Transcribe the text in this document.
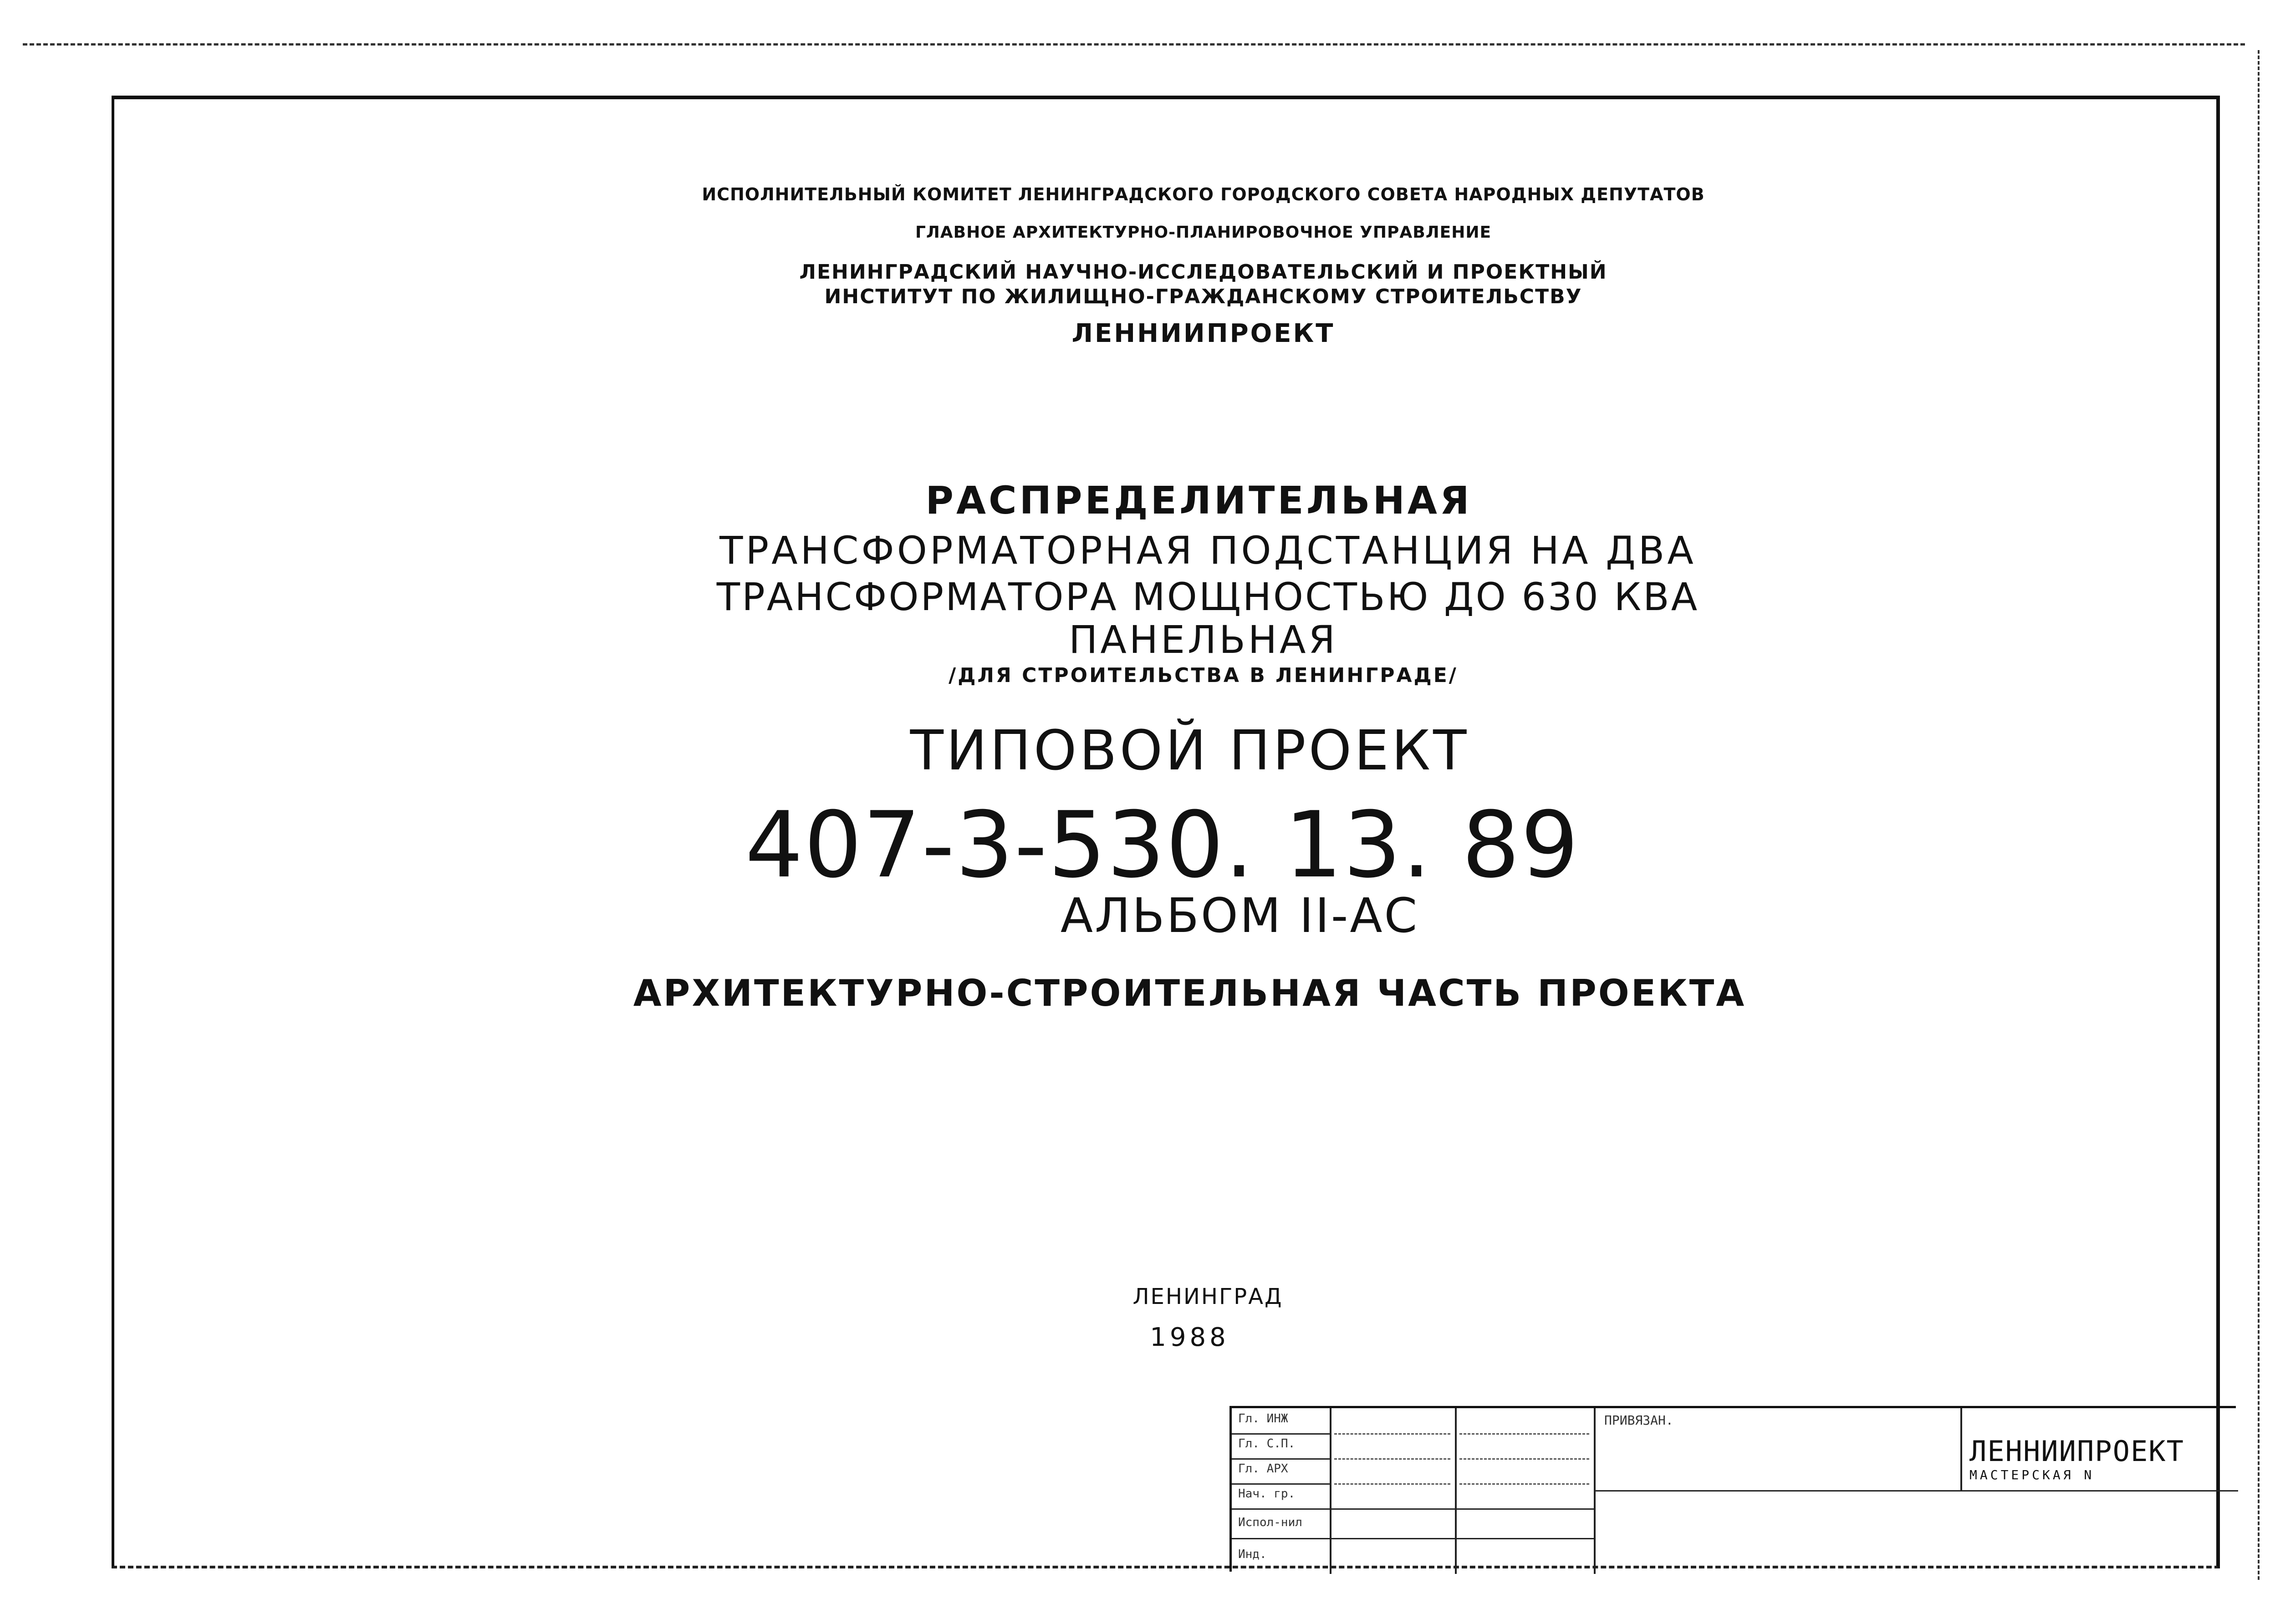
ИСПОЛНИТЕЛЬНЫЙ КОМИТЕТ ЛЕНИНГРАДСКОГО ГОРОДСКОГО СОВЕТА НАРОДНЫХ ДЕПУТАТОВ
ГЛАВНОЕ АРХИТЕКТУРНО-ПЛАНИРОВОЧНОЕ УПРАВЛЕНИЕ
ЛЕНИНГРАДСКИЙ НАУЧНО-ИССЛЕДОВАТЕЛЬСКИЙ И ПРОЕКТНЫЙ
ИНСТИТУТ ПО ЖИЛИЩНО-ГРАЖДАНСКОМУ СТРОИТЕЛЬСТВУ
ЛЕННИИПРОЕКТ
РАСПРЕДЕЛИТЕЛЬНАЯ
ТРАНСФОРМАТОРНАЯ ПОДСТАНЦИЯ НА ДВА
ТРАНСФОРМАТОРА МОЩНОСТЬЮ ДО 630 КВА
ПАНЕЛЬНАЯ
/ДЛЯ СТРОИТЕЛЬСТВА В ЛЕНИНГРАДЕ/
ТИПОВОЙ ПРОЕКТ
407-3-530. 13. 89
АЛЬБОМ II-АС
АРХИТЕКТУРНО-СТРОИТЕЛЬНАЯ ЧАСТЬ ПРОЕКТА
ЛЕНИНГРАД
1988
Гл. ИНЖ
Гл. С.П.
Гл. АРХ
Нач. гр.
Испол-нил
Инд.
ПРИВЯЗАН.
ЛЕННИИПРОЕКТ
МАСТЕРСКАЯ N
